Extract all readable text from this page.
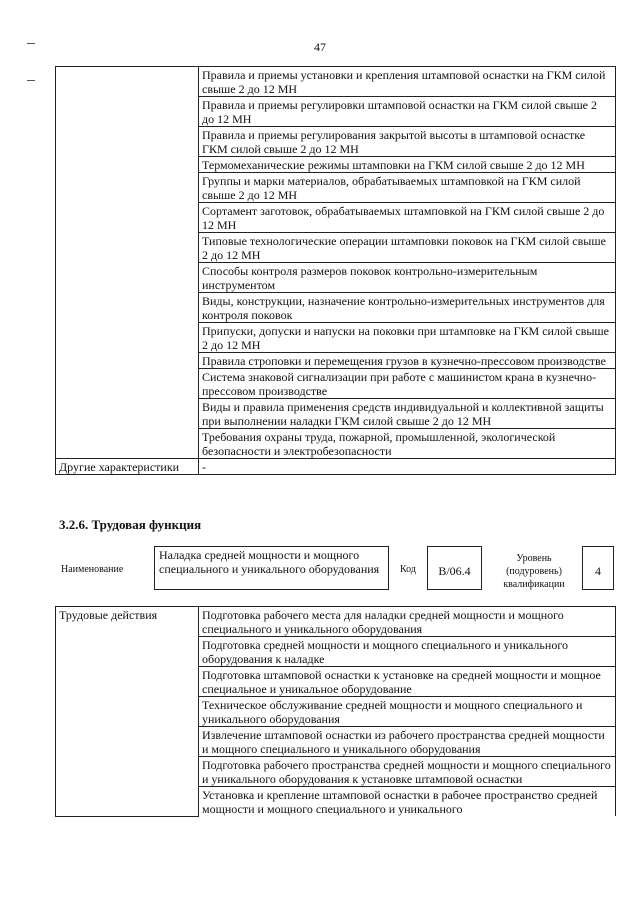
47
	Правила и приемы установки и крепления штамповой оснастки на ГКМ силой свыше 2 до 12 МН
	Правила и приемы регулировки штамповой оснастки на ГКМ силой свыше 2 до 12 МН
	Правила и приемы регулирования закрытой высоты в штамповой оснастке ГКМ силой свыше 2 до 12 МН
	Термомеханические режимы штамповки на ГКМ силой свыше 2 до 12 МН
	Группы и марки материалов, обрабатываемых штамповкой на ГКМ силой свыше 2 до 12 МН
	Сортамент заготовок, обрабатываемых штамповкой на ГКМ силой свыше 2 до 12 МН
	Типовые технологические операции штамповки поковок на ГКМ силой свыше 2 до 12 МН
	Способы контроля размеров поковок контрольно-измерительным инструментом
	Виды, конструкции, назначение контрольно-измерительных инструментов для контроля поковок
	Припуски, допуски и напуски на поковки при штамповке на ГКМ силой свыше 2 до 12 МН
	Правила строповки и перемещения грузов в кузнечно-прессовом производстве
	Система знаковой сигнализации при работе с машинистом крана в кузнечно-прессовом производстве
	Виды и правила применения средств индивидуальной и коллективной защиты при выполнении наладки ГКМ силой свыше 2 до 12 МН
	Требования охраны труда, пожарной, промышленной, экологической безопасности и электробезопасности
Другие характеристики	-
3.2.6. Трудовая функция
Наименование
Наладка средней мощности и мощного специального и уникального оборудования	Код	B/06.4
Уровень (подуровень) квалификации
4
Трудовые действия	Подготовка рабочего места для наладки средней мощности и мощного специального и уникального оборудования
Подготовка средней мощности и мощного специального и уникального оборудования к наладке
Подготовка штамповой оснастки к установке на средней мощности и мощное специальное и уникальное оборудование
Техническое обслуживание средней мощности и мощного специального и уникального оборудования
Извлечение штамповой оснастки из рабочего пространства средней мощности и мощного специального и уникального оборудования
Подготовка рабочего пространства средней мощности и мощного специального и уникального оборудования к установке штамповой оснастки
Установка и крепление штамповой оснастки в рабочее пространство средней мощности и мощного специального и уникального
